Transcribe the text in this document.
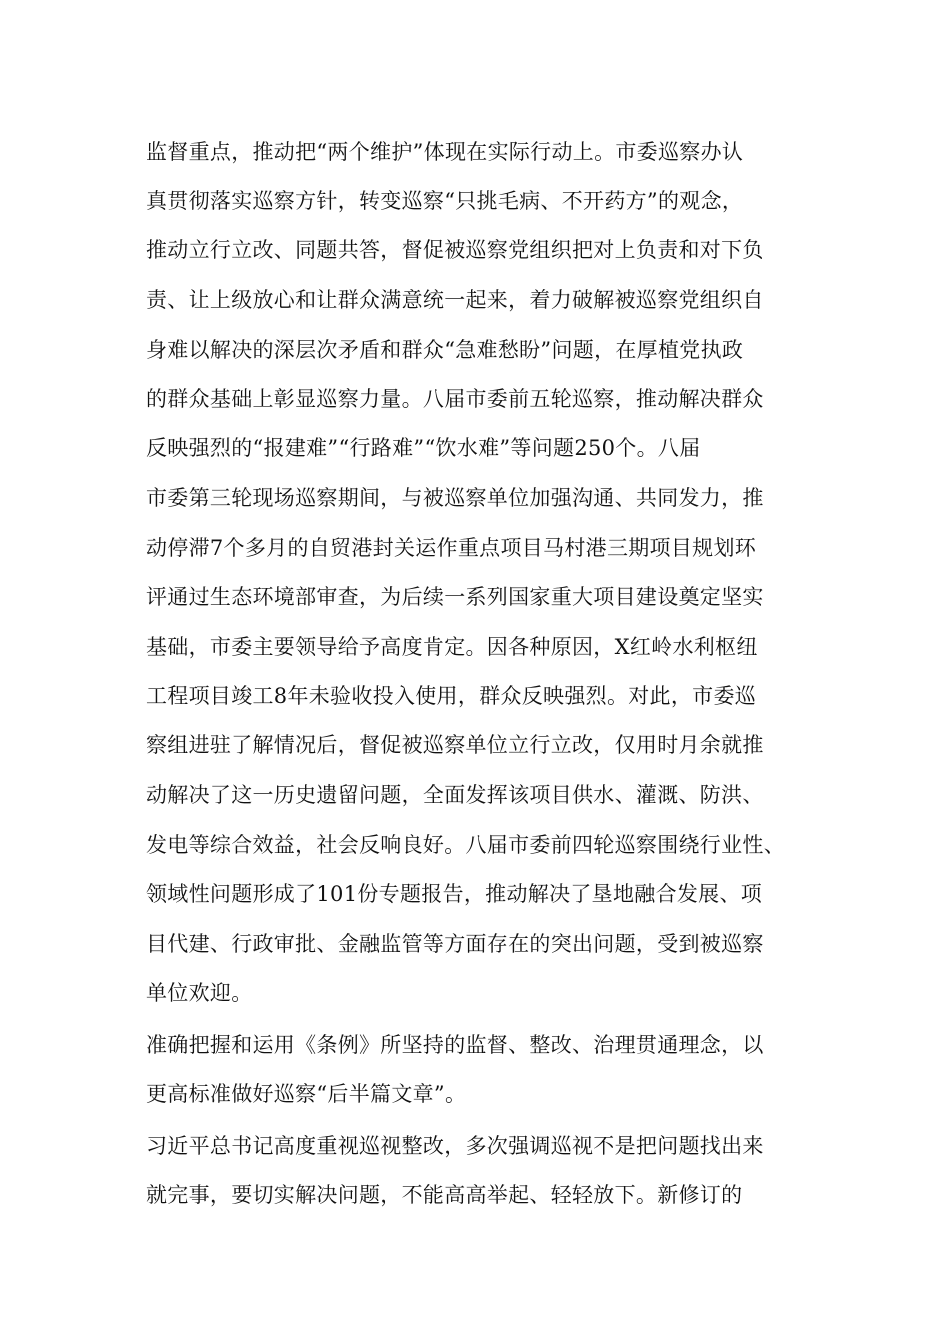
监督重点，推动把“两个维护”体现在实际行动上。市委巡察办认
真贯彻落实巡察方针，转变巡察“只挑毛病、不开药方”的观念，
推动立行立改、同题共答，督促被巡察党组织把对上负责和对下负
责、让上级放心和让群众满意统一起来，着力破解被巡察党组织自
身难以解决的深层次矛盾和群众“急难愁盼”问题，在厚植党执政
的群众基础上彰显巡察力量。八届市委前五轮巡察，推动解决群众
反映强烈的“报建难”“行路难”“饮水难”等问题250个。八届
市委第三轮现场巡察期间，与被巡察单位加强沟通、共同发力，推
动停滞7个多月的自贸港封关运作重点项目马村港三期项目规划环
评通过生态环境部审查，为后续一系列国家重大项目建设奠定坚实
基础，市委主要领导给予高度肯定。因各种原因，X红岭水利枢纽
工程项目竣工8年未验收投入使用，群众反映强烈。对此，市委巡
察组进驻了解情况后，督促被巡察单位立行立改，仅用时月余就推
动解决了这一历史遗留问题，全面发挥该项目供水、灌溉、防洪、
发电等综合效益，社会反响良好。八届市委前四轮巡察围绕行业性、
领域性问题形成了101份专题报告，推动解决了垦地融合发展、项
目代建、行政审批、金融监管等方面存在的突出问题，受到被巡察
单位欢迎。
准确把握和运用《条例》所坚持的监督、整改、治理贯通理念，以
更高标准做好巡察“后半篇文章”。
习近平总书记高度重视巡视整改，多次强调巡视不是把问题找出来
就完事，要切实解决问题，不能高高举起、轻轻放下。新修订的
